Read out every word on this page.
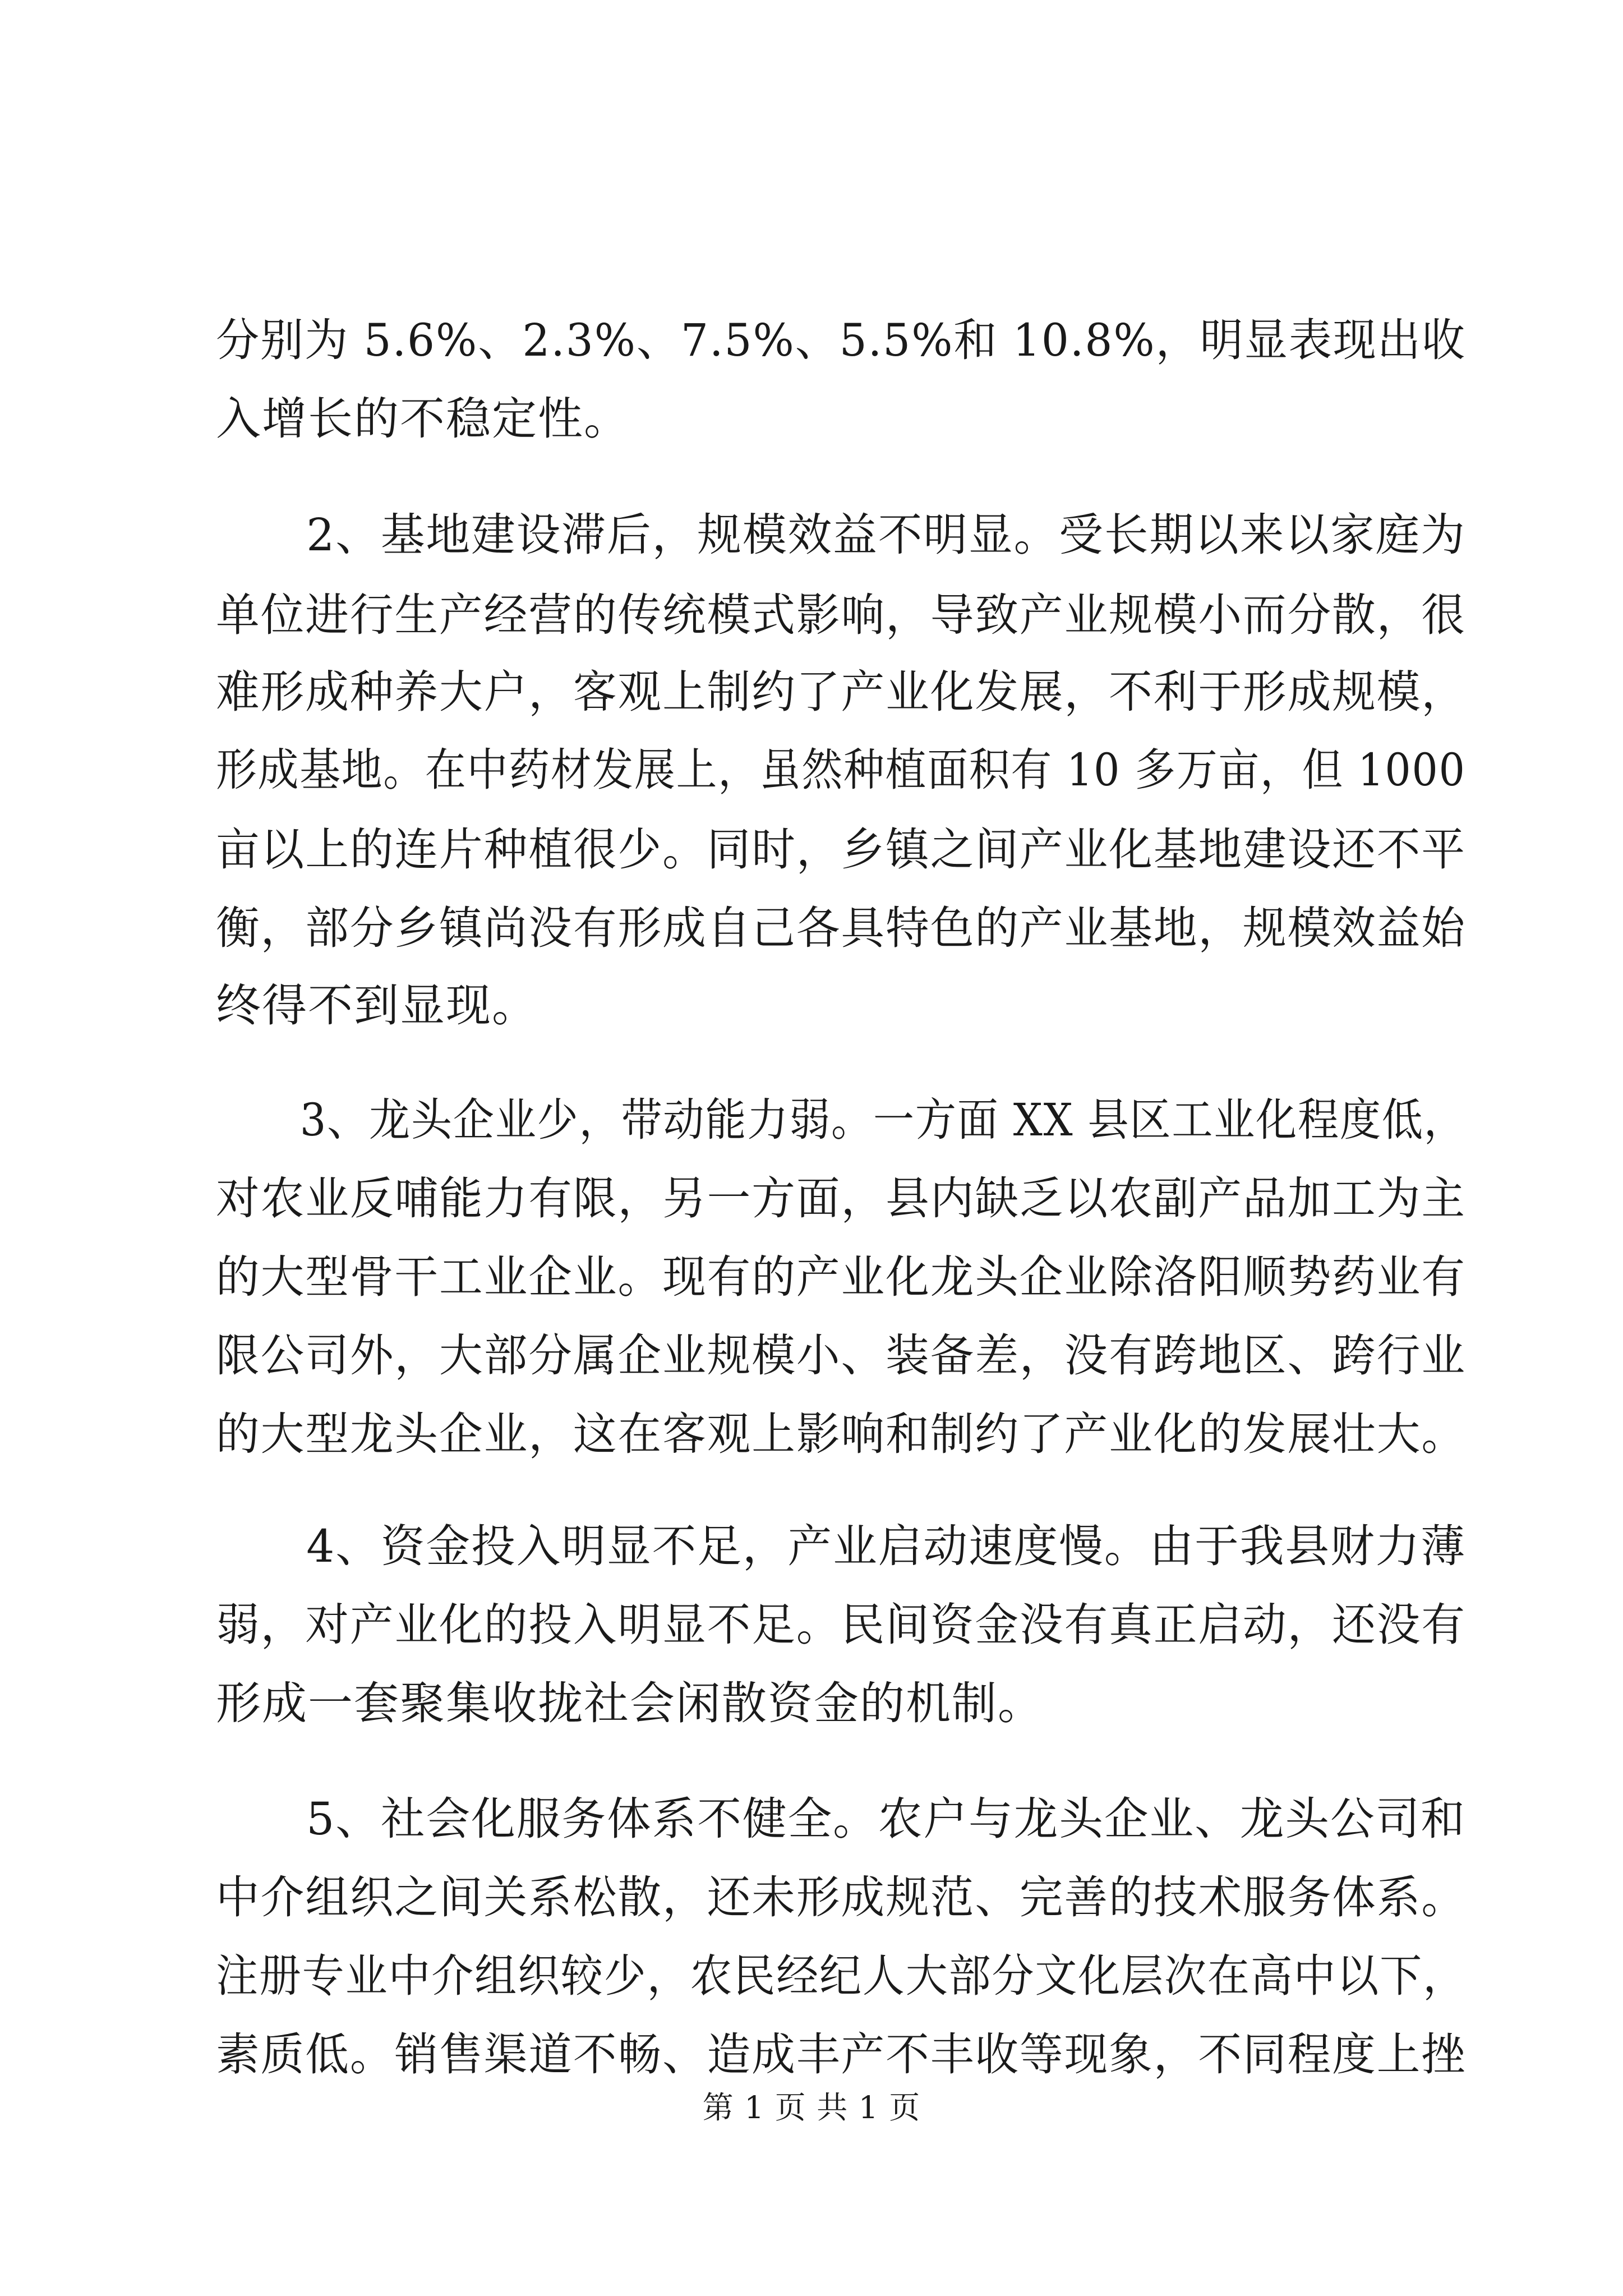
分别为 5.6%、2.3%、7.5%、5.5%和 10.8%，明显表现出收
入增长的不稳定性。
　　2、基地建设滞后，规模效益不明显。受长期以来以家庭为
单位进行生产经营的传统模式影响，导致产业规模小而分散，很
难形成种养大户，客观上制约了产业化发展，不利于形成规模，
形成基地。在中药材发展上，虽然种植面积有 10 多万亩，但 1000
亩以上的连片种植很少。同时，乡镇之间产业化基地建设还不平
衡，部分乡镇尚没有形成自己各具特色的产业基地，规模效益始
终得不到显现。
　　3、龙头企业少，带动能力弱。一方面 XX 县区工业化程度低，
对农业反哺能力有限，另一方面，县内缺乏以农副产品加工为主
的大型骨干工业企业。现有的产业化龙头企业除洛阳顺势药业有
限公司外，大部分属企业规模小、装备差，没有跨地区、跨行业
的大型龙头企业，这在客观上影响和制约了产业化的发展壮大。
　　4、资金投入明显不足，产业启动速度慢。由于我县财力薄
弱，对产业化的投入明显不足。民间资金没有真正启动，还没有
形成一套聚集收拢社会闲散资金的机制。
　　5、社会化服务体系不健全。农户与龙头企业、龙头公司和
中介组织之间关系松散，还未形成规范、完善的技术服务体系。
注册专业中介组织较少，农民经纪人大部分文化层次在高中以下，
素质低。销售渠道不畅、造成丰产不丰收等现象，不同程度上挫
第 1 页 共 1 页
